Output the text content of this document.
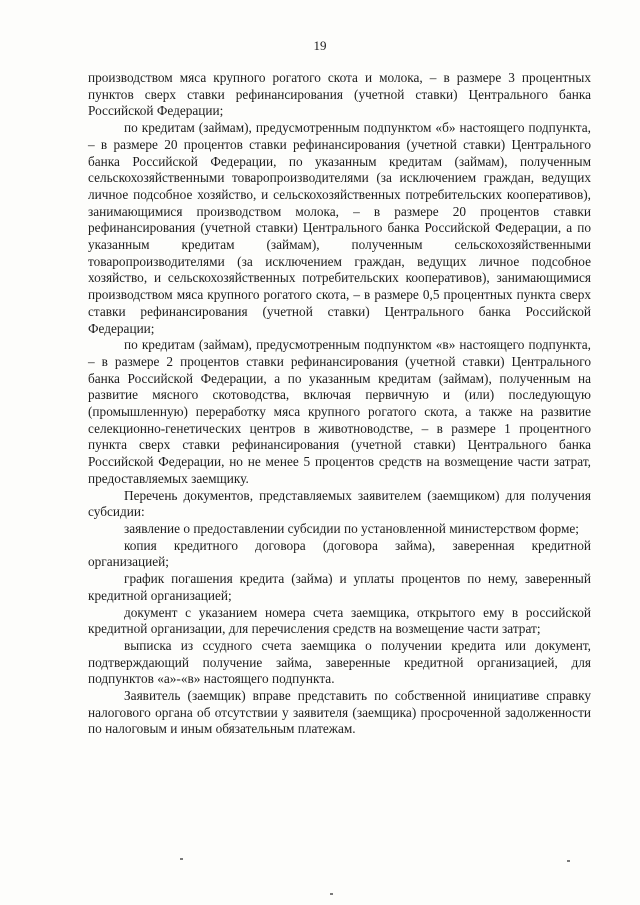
19

производством мяса крупного рогатого скота и молока, – в размере 3 процентных пунктов сверх ставки рефинансирования (учетной ставки) Центрального банка Российской Федерации;

по кредитам (займам), предусмотренным подпунктом «б» настоящего подпункта, – в размере 20 процентов ставки рефинансирования (учетной ставки) Центрального банка Российской Федерации, по указанным кредитам (займам), полученным сельскохозяйственными товаропроизводителями (за исключением граждан, ведущих личное подсобное хозяйство, и сельскохозяйственных потребительских кооперативов), занимающимися производством молока, – в размере 20 процентов ставки рефинансирования (учетной ставки) Центрального банка Российской Федерации, а по указанным кредитам (займам), полученным сельскохозяйственными товаропроизводителями (за исключением граждан, ведущих личное подсобное хозяйство, и сельскохозяйственных потребительских кооперативов), занимающимися производством мяса крупного рогатого скота, – в размере 0,5 процентных пункта сверх ставки рефинансирования (учетной ставки) Центрального банка Российской Федерации;

по кредитам (займам), предусмотренным подпунктом «в» настоящего подпункта, – в размере 2 процентов ставки рефинансирования (учетной ставки) Центрального банка Российской Федерации, а по указанным кредитам (займам), полученным на развитие мясного скотоводства, включая первичную и (или) последующую (промышленную) переработку мяса крупного рогатого скота, а также на развитие селекционно-генетических центров в животноводстве, – в размере 1 процентного пункта сверх ставки рефинансирования (учетной ставки) Центрального банка Российской Федерации, но не менее 5 процентов средств на возмещение части затрат, предоставляемых заемщику.

Перечень документов, представляемых заявителем (заемщиком) для получения субсидии:

заявление о предоставлении субсидии по установленной министерством форме;

копия кредитного договора (договора займа), заверенная кредитной организацией;

график погашения кредита (займа) и уплаты процентов по нему, заверенный кредитной организацией;

документ с указанием номера счета заемщика, открытого ему в российской кредитной организации, для перечисления средств на возмещение части затрат;

выписка из ссудного счета заемщика о получении кредита или документ, подтверждающий получение займа, заверенные кредитной организацией, для подпунктов «а»-«в» настоящего подпункта.

Заявитель (заемщик) вправе представить по собственной инициативе справку налогового органа об отсутствии у заявителя (заемщика) просроченной задолженности по налоговым и иным обязательным платежам.
